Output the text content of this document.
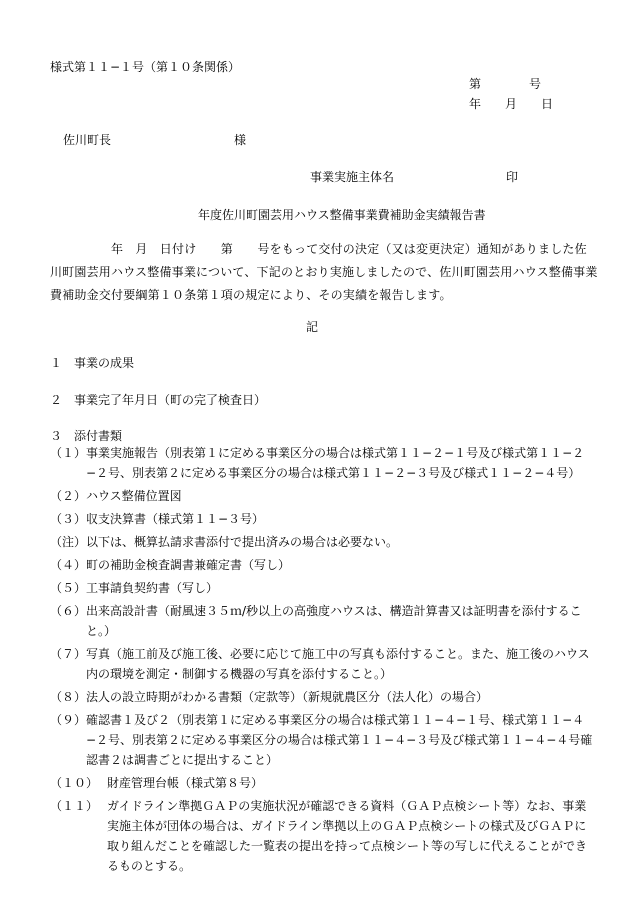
様式第１１−１号（第１０条関係）
第　　　　号
年　　月　　日
佐川町長	様
事業実施主体名	印
年度佐川町園芸用ハウス整備事業費補助金実績報告書
　　　　　年　月　日付け　　第　　号をもって交付の決定（又は変更決定）通知がありました佐川町園芸用ハウス整備事業について、下記のとおり実施しましたので、佐川町園芸用ハウス整備事業費補助金交付要綱第１０条第１項の規定により、その実績を報告します。
記
１　事業の成果
２　事業完了年月日（町の完了検査日）
３　添付書類
（１） 事業実施報告（別表第１に定める事業区分の場合は様式第１１−２−１号及び様式第１１−２−２号、別表第２に定める事業区分の場合は様式第１１−２−３号及び様式１１−２−４号）
（２） ハウス整備位置図
（３） 収支決算書（様式第１１−３号）
（注） 以下は、概算払請求書添付で提出済みの場合は必要ない。
（４） 町の補助金検査調書兼確定書（写し）
（５） 工事請負契約書（写し）
（６） 出来高設計書（耐風速３５ｍ/秒以上の高強度ハウスは、構造計算書又は証明書を添付すること。）
（７） 写真（施工前及び施工後、必要に応じて施工中の写真も添付すること。また、施工後のハウス内の環境を測定・制御する機器の写真を添付すること。）
（８） 法人の設立時期がわかる書類（定款等）（新規就農区分（法人化）の場合）
（９） 確認書１及び２（別表第１に定める事業区分の場合は様式第１１−４−１号、様式第１１−４−２号、別表第２に定める事業区分の場合は様式第１１−４−３号及び様式第１１−４−４号確認書２は調書ごとに提出すること）
（１０） 財産管理台帳（様式第８号）
（１１） ガイドライン準拠ＧＡＰの実施状況が確認できる資料（ＧＡＰ点検シート等）なお、事業実施主体が団体の場合は、ガイドライン準拠以上のＧＡＰ点検シートの様式及びＧＡＰに取り組んだことを確認した一覧表の提出を持って点検シート等の写しに代えることができるものとする。
